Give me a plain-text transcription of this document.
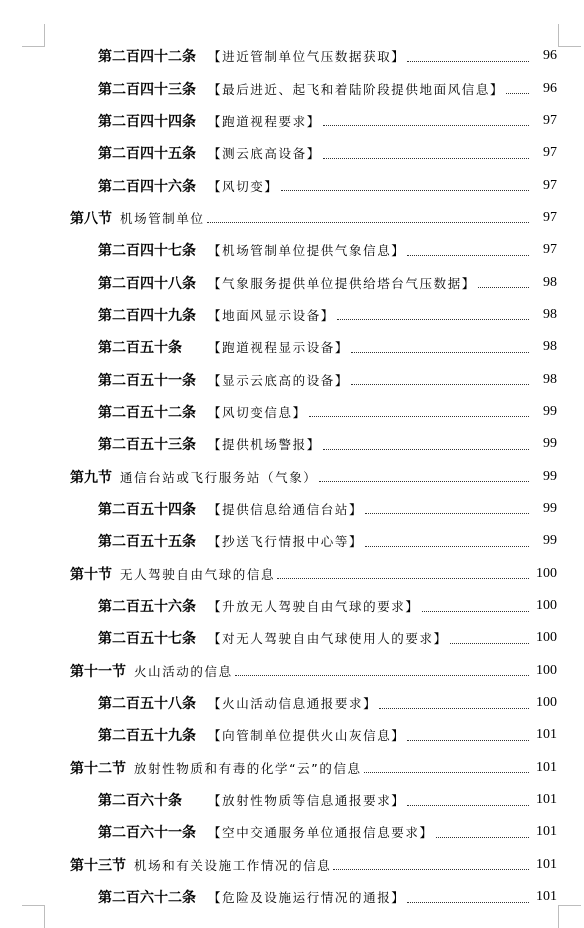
第二百四十二条 【进近管制单位气压数据获取】	96
第二百四十三条 【最后进近、起飞和着陆阶段提供地面风信息】	96
第二百四十四条 【跑道视程要求】	97
第二百四十五条 【测云底高设备】	97
第二百四十六条 【风切变】	97
第八节 机场管制单位	97
第二百四十七条 【机场管制单位提供气象信息】	97
第二百四十八条 【气象服务提供单位提供给塔台气压数据】	98
第二百四十九条 【地面风显示设备】	98
第二百五十条	【跑道视程显示设备】	98
第二百五十一条 【显示云底高的设备】	98
第二百五十二条 【风切变信息】	99
第二百五十三条 【提供机场警报】	99
第九节 通信台站或飞行服务站（气象）	99
第二百五十四条 【提供信息给通信台站】	99
第二百五十五条 【抄送飞行情报中心等】	99
第十节 无人驾驶自由气球的信息	100
第二百五十六条 【升放无人驾驶自由气球的要求】	100
第二百五十七条 【对无人驾驶自由气球使用人的要求】	100
第十一节 火山活动的信息	100
第二百五十八条 【火山活动信息通报要求】	100
第二百五十九条 【向管制单位提供火山灰信息】	101
第十二节 放射性物质和有毒的化学“云”的信息	101
第二百六十条	【放射性物质等信息通报要求】	101
第二百六十一条 【空中交通服务单位通报信息要求】	101
第十三节 机场和有关设施工作情况的信息	101
第二百六十二条 【危险及设施运行情况的通报】	101
